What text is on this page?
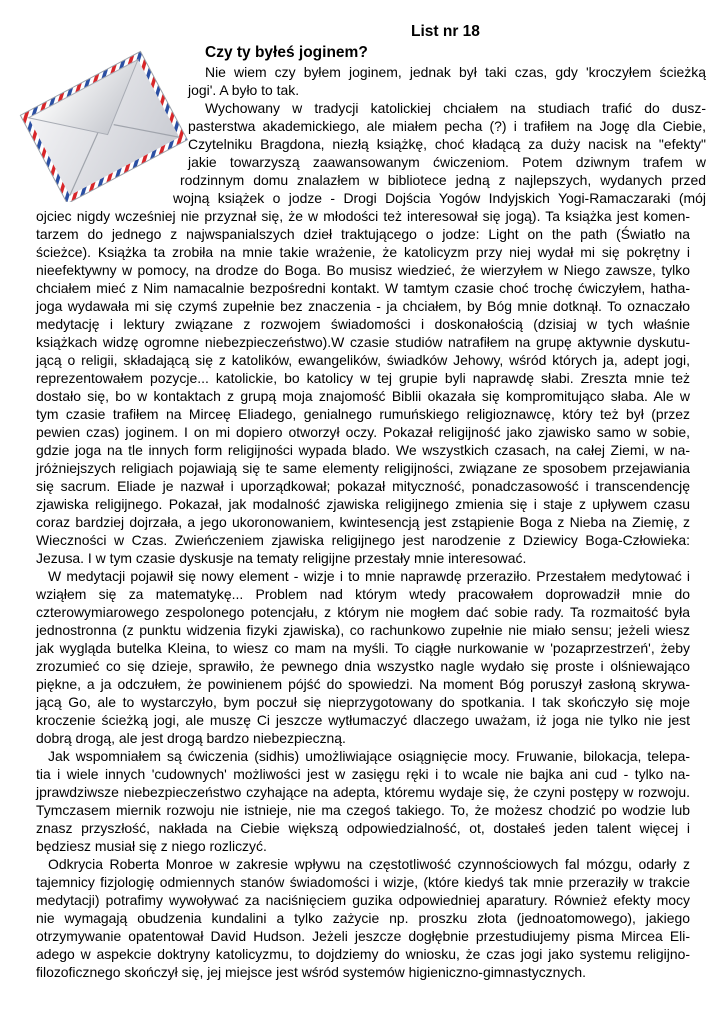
List nr 18
Czy ty byłeś joginem?
Nie wiem czy byłem joginem, jednak był taki czas, gdy 'kroczyłem ścieżką
jogi'. A było to tak.
Wychowany w tradycji katolickiej chciałem na studiach trafić do dusz-
pasterstwa akademickiego, ale miałem pecha (?) i trafiłem na Jogę dla Ciebie,
Czytelniku Bragdona, niezłą książkę, choć kładącą za duży nacisk na "efekty"
jakie towarzyszą zaawansowanym ćwiczeniom. Potem dziwnym trafem w
rodzinnym domu znalazłem w bibliotece jedną z najlepszych, wydanych przed
wojną książek o jodze - Drogi Dojścia Yogów Indyjskich Yogi-Ramaczaraki (mój
ojciec nigdy wcześniej nie przyznał się, że w młodości też interesował się jogą). Ta książka jest komen-
tarzem do jednego z najwspanialszych dzieł traktującego o jodze: Light on the path (Światło na
ścieżce). Książka ta zrobiła na mnie takie wrażenie, że katolicyzm przy niej wydał mi się pokrętny i
nieefektywny w pomocy, na drodze do Boga. Bo musisz wiedzieć, że wierzyłem w Niego zawsze, tylko
chciałem mieć z Nim namacalnie bezpośredni kontakt. W tamtym czasie choć trochę ćwiczyłem, hatha-
joga wydawała mi się czymś zupełnie bez znaczenia - ja chciałem, by Bóg mnie dotknął. To oznaczało
medytację i lektury związane z rozwojem świadomości i doskonałością (dzisiaj w tych właśnie
książkach widzę ogromne niebezpieczeństwo).W czasie studiów natrafiłem na grupę aktywnie dyskutu-
jącą o religii, składającą się z katolików, ewangelików, świadków Jehowy, wśród których ja, adept jogi,
reprezentowałem pozycje... katolickie, bo katolicy w tej grupie byli naprawdę słabi. Zreszta mnie też
dostało się, bo w kontaktach z grupą moja znajomość Biblii okazała się kompromitująco słaba. Ale w
tym czasie trafiłem na Mirceę Eliadego, genialnego rumuńskiego religioznawcę, który też był (przez
pewien czas) joginem. I on mi dopiero otworzył oczy. Pokazał religijność jako zjawisko samo w sobie,
gdzie joga na tle innych form religijności wypada blado. We wszystkich czasach, na całej Ziemi, w na-
jróżniejszych religiach pojawiają się te same elementy religijności, związane ze sposobem przejawiania
się sacrum. Eliade je nazwał i uporządkował; pokazał mityczność, ponadczasowość i transcendencję
zjawiska religijnego. Pokazał, jak modalność zjawiska religijnego zmienia się i staje z upływem czasu
coraz bardziej dojrzała, a jego ukoronowaniem, kwintesencją jest zstąpienie Boga z Nieba na Ziemię, z
Wieczności w Czas. Zwieńczeniem zjawiska religijnego jest narodzenie z Dziewicy Boga-Człowieka:
Jezusa. I w tym czasie dyskusje na tematy religijne przestały mnie interesować.
W medytacji pojawił się nowy element - wizje i to mnie naprawdę przeraziło. Przestałem medytować i
wziąłem się za matematykę... Problem nad którym wtedy pracowałem doprowadził mnie do
czterowymiarowego zespolonego potencjału, z którym nie mogłem dać sobie rady. Ta rozmaitość była
jednostronna (z punktu widzenia fizyki zjawiska), co rachunkowo zupełnie nie miało sensu; jeżeli wiesz
jak wygląda butelka Kleina, to wiesz co mam na myśli. To ciągłe nurkowanie w 'pozaprzestrzeń', żeby
zrozumieć co się dzieje, sprawiło, że pewnego dnia wszystko nagle wydało się proste i olśniewająco
piękne, a ja odczułem, że powinienem pójść do spowiedzi. Na moment Bóg poruszył zasłoną skrywa-
jącą Go, ale to wystarczyło, bym poczuł się nieprzygotowany do spotkania. I tak skończyło się moje
kroczenie ścieżką jogi, ale muszę Ci jeszcze wytłumaczyć dlaczego uważam, iż joga nie tylko nie jest
dobrą drogą, ale jest drogą bardzo niebezpieczną.
Jak wspomniałem są ćwiczenia (sidhis) umożliwiające osiągnięcie mocy. Fruwanie, bilokacja, telepa-
tia i wiele innych 'cudownych' możliwości jest w zasięgu ręki i to wcale nie bajka ani cud - tylko na-
jprawdziwsze niebezpieczeństwo czyhające na adepta, któremu wydaje się, że czyni postępy w rozwoju.
Tymczasem miernik rozwoju nie istnieje, nie ma czegoś takiego. To, że możesz chodzić po wodzie lub
znasz przyszłość, nakłada na Ciebie większą odpowiedzialność, ot, dostałeś jeden talent więcej i
będziesz musiał się z niego rozliczyć.
Odkrycia Roberta Monroe w zakresie wpływu na częstotliwość czynnościowych fal mózgu, odarły z
tajemnicy fizjologię odmiennych stanów świadomości i wizje, (które kiedyś tak mnie przeraziły w trakcie
medytacji) potrafimy wywoływać za naciśnięciem guzika odpowiedniej aparatury. Również efekty mocy
nie wymagają obudzenia kundalini a tylko zażycie np. proszku złota (jednoatomowego), jakiego
otrzymywanie opatentował David Hudson. Jeżeli jeszcze dogłębnie przestudiujemy pisma Mircea Eli-
adego w aspekcie doktryny katolicyzmu, to dojdziemy do wniosku, że czas jogi jako systemu religijno-
filozoficznego skończył się, jej miejsce jest wśród systemów higieniczno-gimnastycznych.
